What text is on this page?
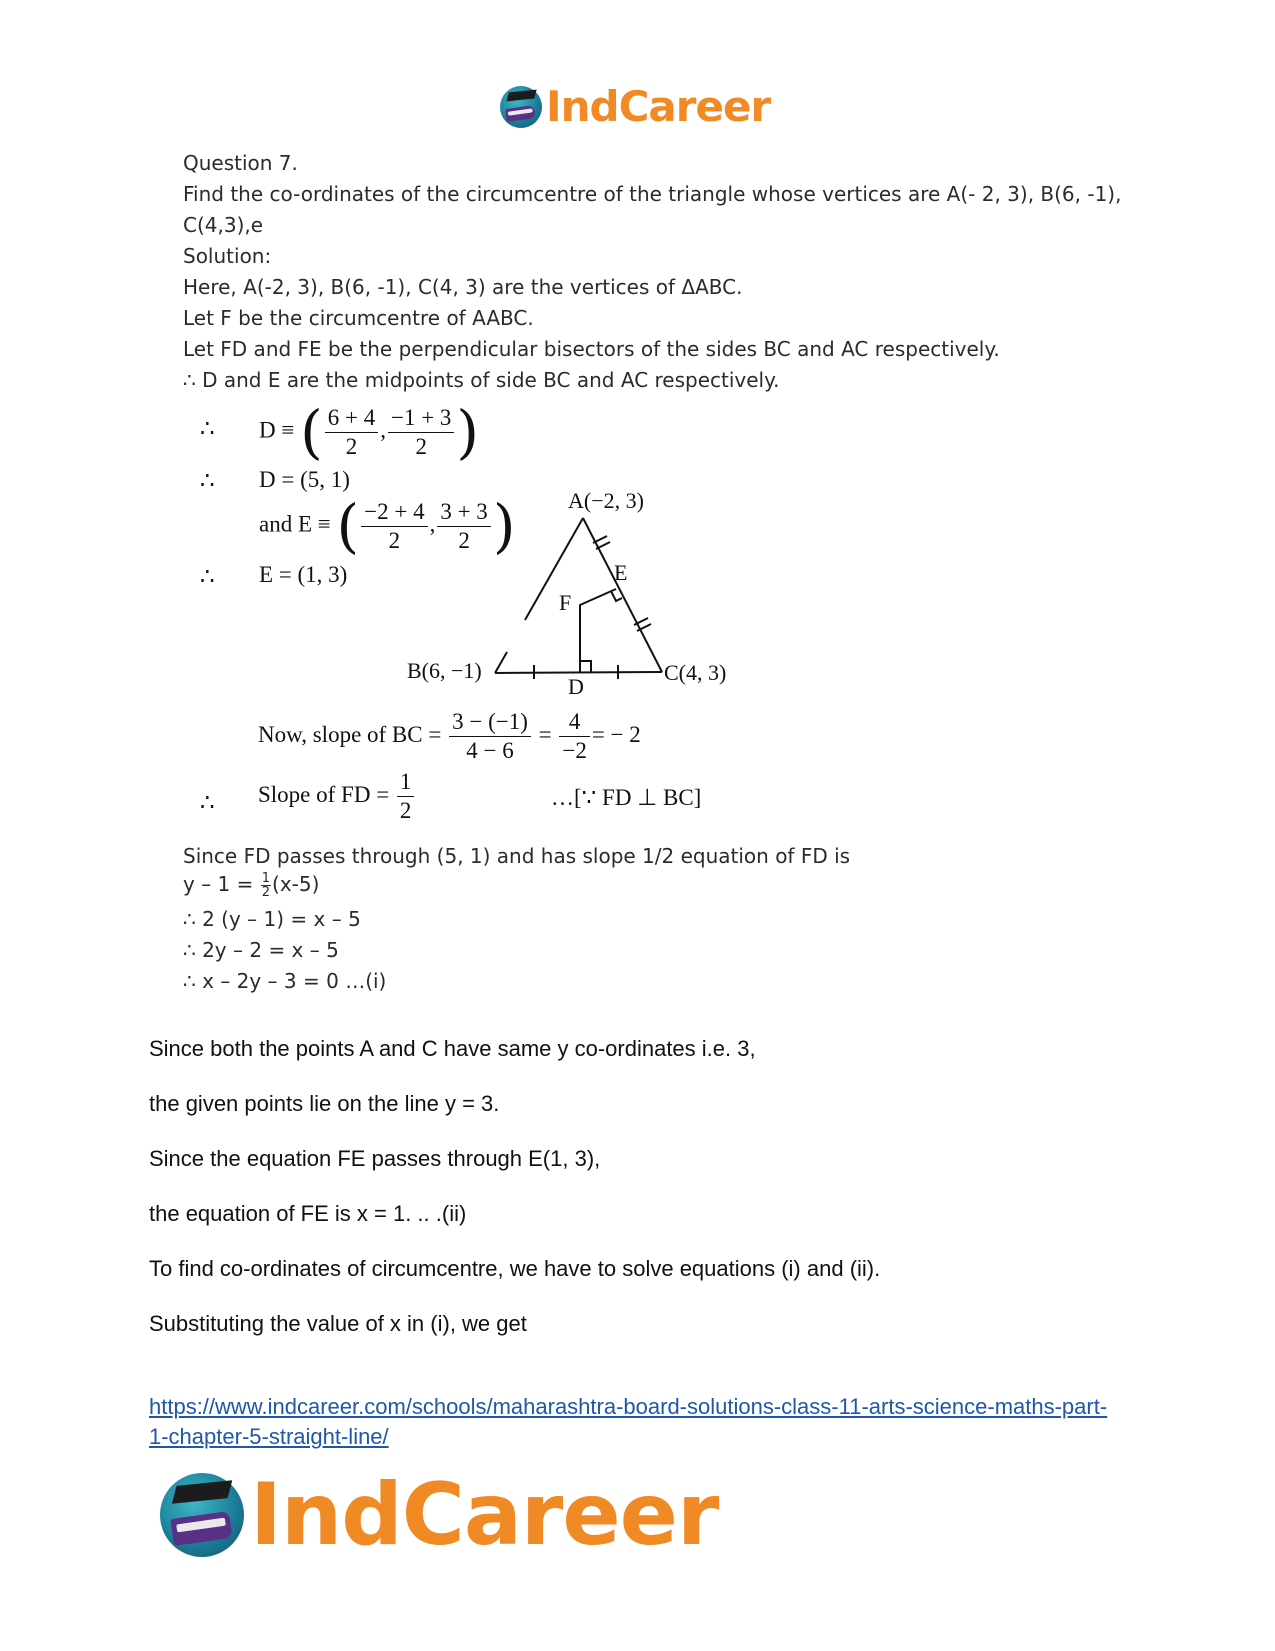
IndCareer
Question 7.
Find the co-ordinates of the circumcentre of the triangle whose vertices are A(- 2, 3), B(6, -1),
C(4,3),e
Solution:
Here, A(-2, 3), B(6, -1), C(4, 3) are the vertices of ΔABC.
Let F be the circumcentre of AABC.
Let FD and FE be the perpendicular bisectors of the sides BC and AC respectively.
∴ D and E are the midpoints of side BC and AC respectively.
Since FD passes through (5, 1) and has slope 1/2 equation of FD is
$y - 1 = \frac{1}{2} (x-5)$
∴ 2 (y – 1) = x – 5
∴ 2y – 2 = x – 5
∴ x – 2y – 3 = 0 …(i)
∴ D ≡ ( $\frac{6 + 4}{2}$ , $\frac{-1 + 3}{2}$ )
∴ D = (5, 1)
and E ≡ ( $\frac{-2 + 4}{2}$ , $\frac{3 + 3}{2}$ )
∴ E = (1, 3)
Now, slope of BC = $\frac{3 - (-1)}{4 - 6} = \frac{4}{-2}$ = − 2
∴ Slope of FD = $\frac{1}{2}$	…[∵ FD ⊥ BC]
A(−2, 3)
E
F
B(6, −1)	C(4, 3)
D
Since both the points A and C have same y co-ordinates i.e. 3,
the given points lie on the line y = 3.
Since the equation FE passes through E(1, 3),
the equation of FE is x = 1. .. .(ii)
To find co-ordinates of circumcentre, we have to solve equations (i) and (ii).
Substituting the value of x in (i), we get
https://www.indcareer.com/schools/maharashtra-board-solutions-class-11-arts-science-maths-part-1-chapter-5-straight-line/
IndCareer
